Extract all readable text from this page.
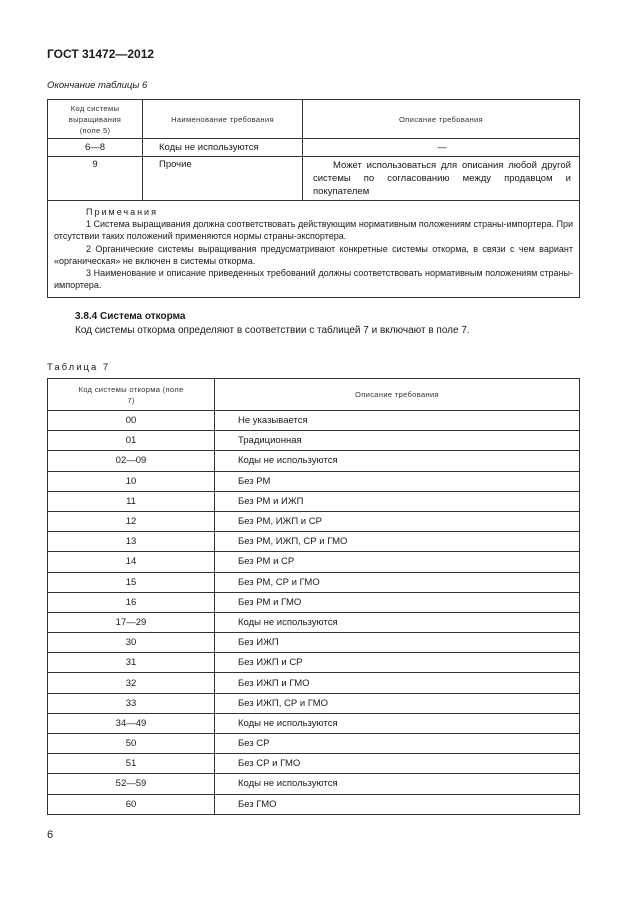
ГОСТ 31472—2012
Окончание таблицы 6
Код системы выращивания (поле 5)	Наименование требования	Описание требования
6—8	Коды не используются	—
9	Прочие	Может использоваться для описания любой другой системы по согласованию между продавцом и покупателем

Примечания
1 Система выращивания должна соответствовать действующим нормативным положениям страны-импортера. При отсутствии таких положений применяются нормы страны-экспортера.
2 Органические системы выращивания предусматривают конкретные системы откорма, в связи с чем вариант «органическая» не включен в системы откорма.
3 Наименование и описание приведенных требований должны соответствовать нормативным положениям страны-импортера.		
3.8.4 Система откорма
Код системы откорма определяют в соответствии с таблицей 7 и включают в поле 7.
Таблица 7
Код системы откорма (поле 7)	Описание требования
00	Не указывается
01	Традиционная
02—09	Коды не используются
10	Без РМ
11	Без РМ и ИЖП
12	Без РМ, ИЖП и СР
13	Без РМ, ИЖП, СР и ГМО
14	Без РМ и СР
15	Без РМ, СР и ГМО
16	Без РМ и ГМО
17—29	Коды не используются
30	Без ИЖП
31	Без ИЖП и СР
32	Без ИЖП и ГМО
33	Без ИЖП, СР и ГМО
34—49	Коды не используются
50	Без СР
51	Без СР и ГМО
52—59	Коды не используются
60	Без ГМО
6
